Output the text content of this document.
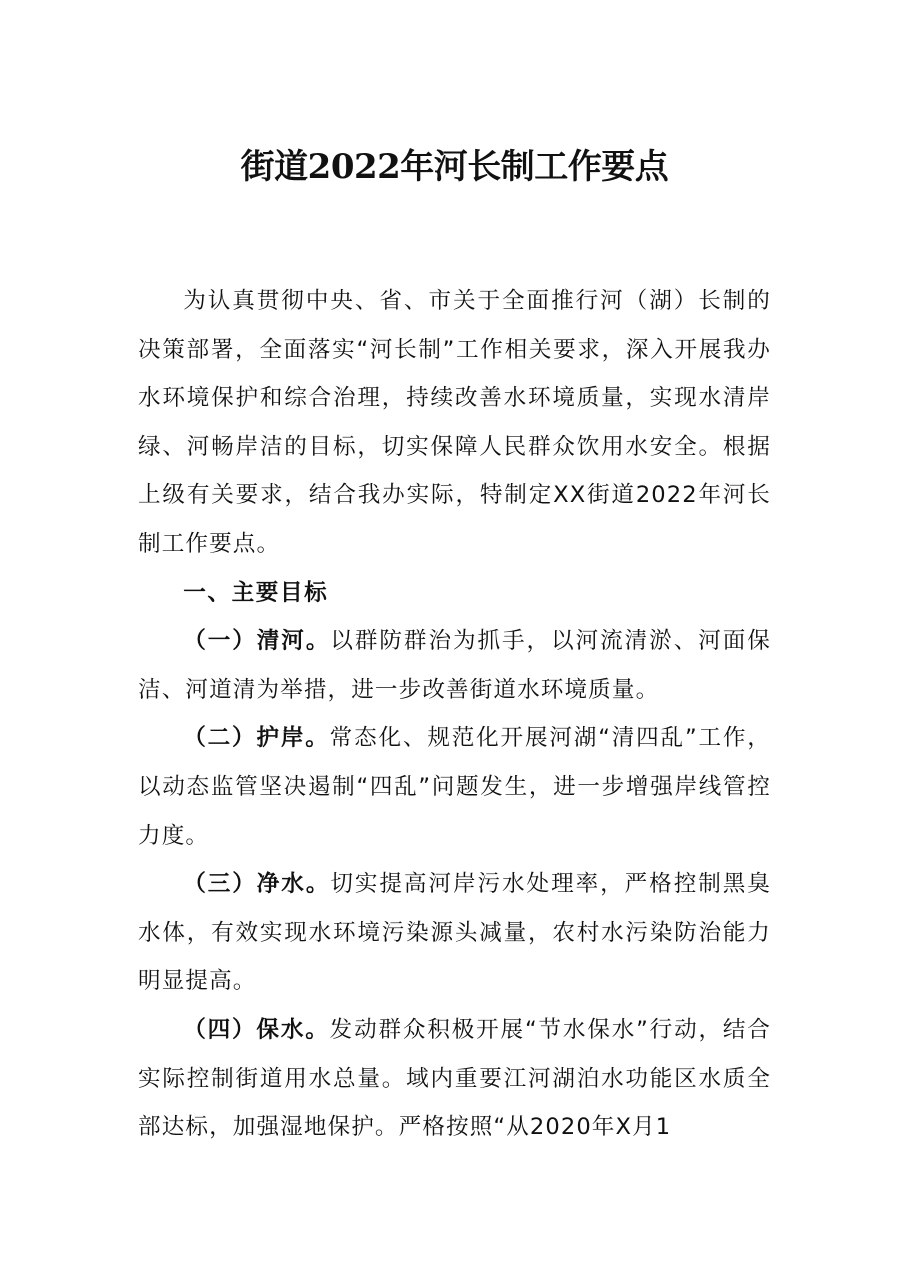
街道2022年河长制工作要点

为认真贯彻中央、省、市关于全面推行河（湖）长制的决策部署，全面落实“河长制”工作相关要求，深入开展我办水环境保护和综合治理，持续改善水环境质量，实现水清岸绿、河畅岸洁的目标，切实保障人民群众饮用水安全。根据上级有关要求，结合我办实际，特制定XX街道2022年河长制工作要点。

一、主要目标

（一）清河。以群防群治为抓手，以河流清淤、河面保洁、河道清为举措，进一步改善街道水环境质量。

（二）护岸。常态化、规范化开展河湖“清四乱”工作，以动态监管坚决遏制“四乱”问题发生，进一步增强岸线管控力度。

（三）净水。切实提高河岸污水处理率，严格控制黑臭水体，有效实现水环境污染源头减量，农村水污染防治能力明显提高。

（四）保水。发动群众积极开展“节水保水”行动，结合实际控制街道用水总量。域内重要江河湖泊水功能区水质全部达标，加强湿地保护。严格按照“从2020年X月1
